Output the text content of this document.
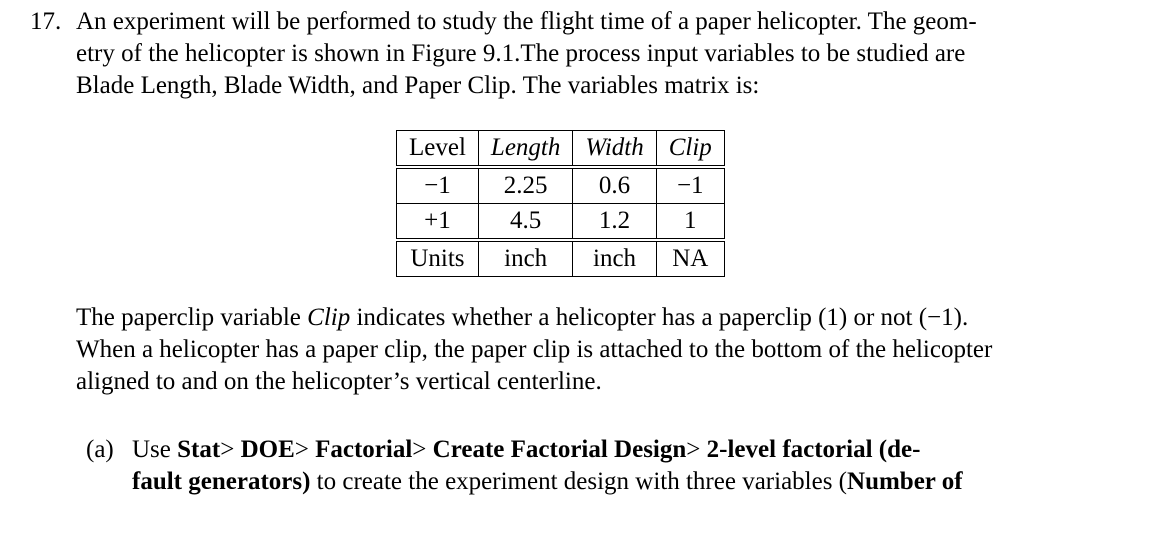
17. An experiment will be performed to study the flight time of a paper helicopter. The geom-
etry of the helicopter is shown in Figure 9.1.The process input variables to be studied are
Blade Length, Blade Width, and Paper Clip. The variables matrix is:
Level	Length	Width	Clip
−1	2.25	0.6	−1
+1	4.5	1.2	1
Units	inch	inch	NA
The paperclip variable Clip indicates whether a helicopter has a paperclip (1) or not (−1).
When a helicopter has a paper clip, the paper clip is attached to the bottom of the helicopter
aligned to and on the helicopter’s vertical centerline.
(a) Use Stat> DOE> Factorial> Create Factorial Design> 2-level factorial (de-
fault generators) to create the experiment design with three variables (Number of
